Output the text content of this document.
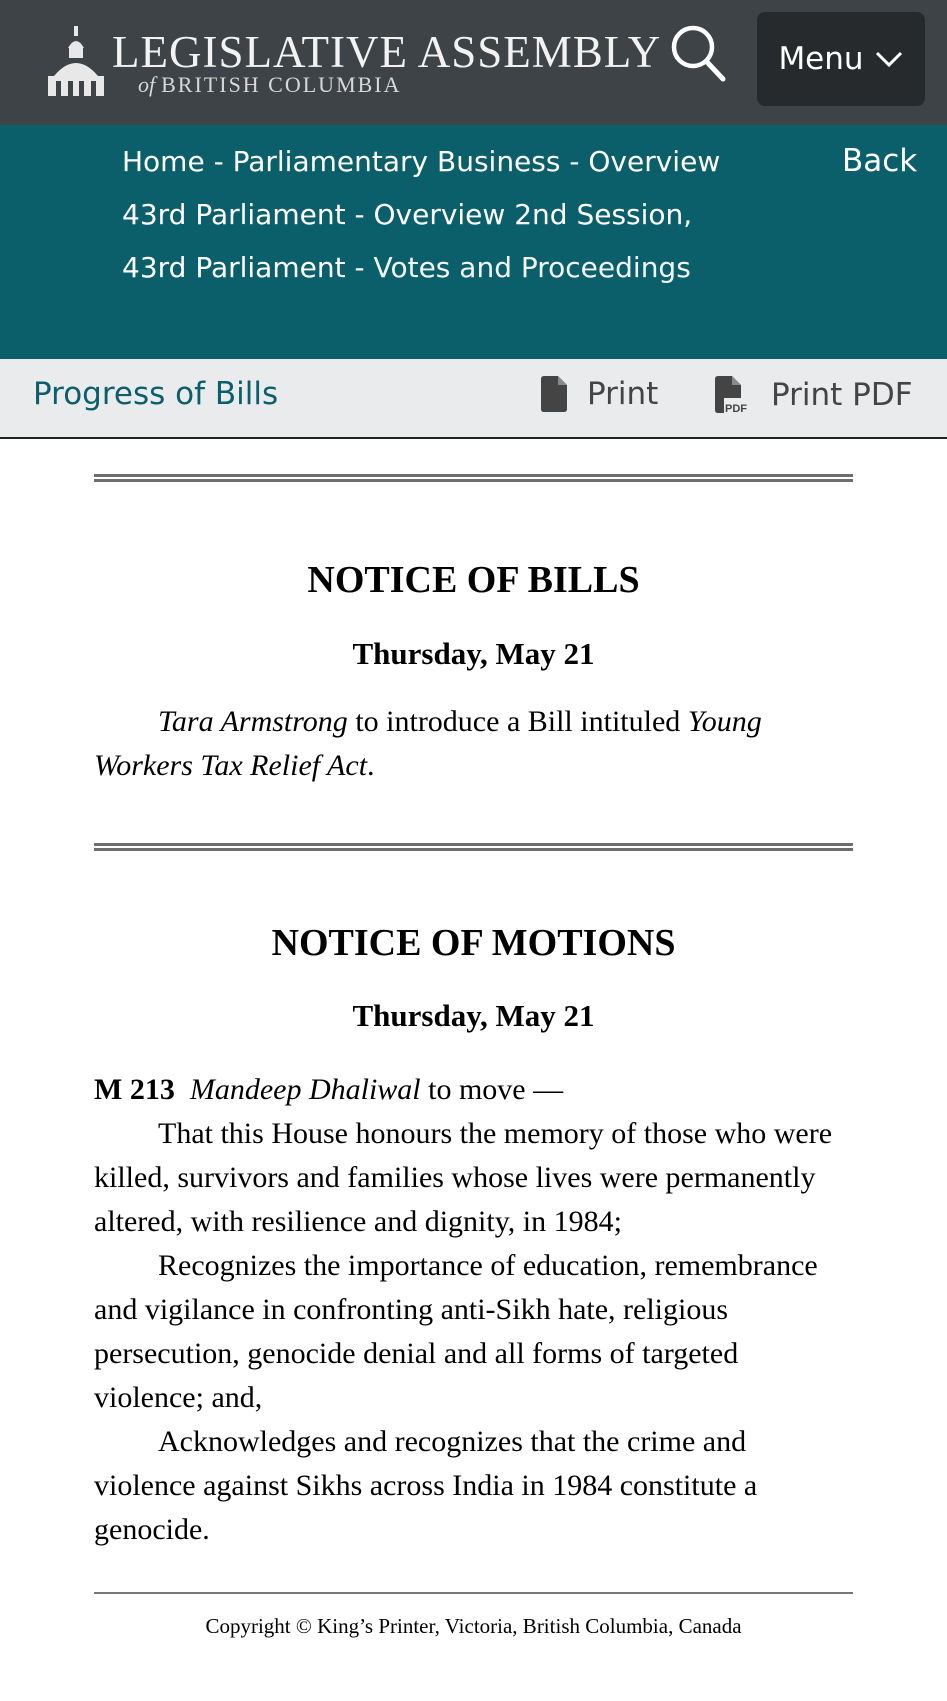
LEGISLATIVE ASSEMBLY
of BRITISH COLUMBIA
Menu
Home - Parliamentary Business - Overview 43rd Parliament - Overview 2nd Session, 43rd Parliament - Votes and Proceedings
Back
Progress of Bills	Print	PDF Print PDF
NOTICE OF BILLS
Thursday, May 21

Tara Armstrong to introduce a Bill intituled Young Workers Tax Relief Act.

NOTICE OF MOTIONS
Thursday, May 21

M 213 Mandeep Dhaliwal to move —

That this House honours the memory of those who were killed, survivors and families whose lives were permanently altered, with resilience and dignity, in 1984;

Recognizes the importance of education, remembrance and vigilance in confronting anti-Sikh hate, religious persecution, genocide denial and all forms of targeted violence; and,

Acknowledges and recognizes that the crime and violence against Sikhs across India in 1984 constitute a genocide.

Copyright © King’s Printer, Victoria, British Columbia, Canada
